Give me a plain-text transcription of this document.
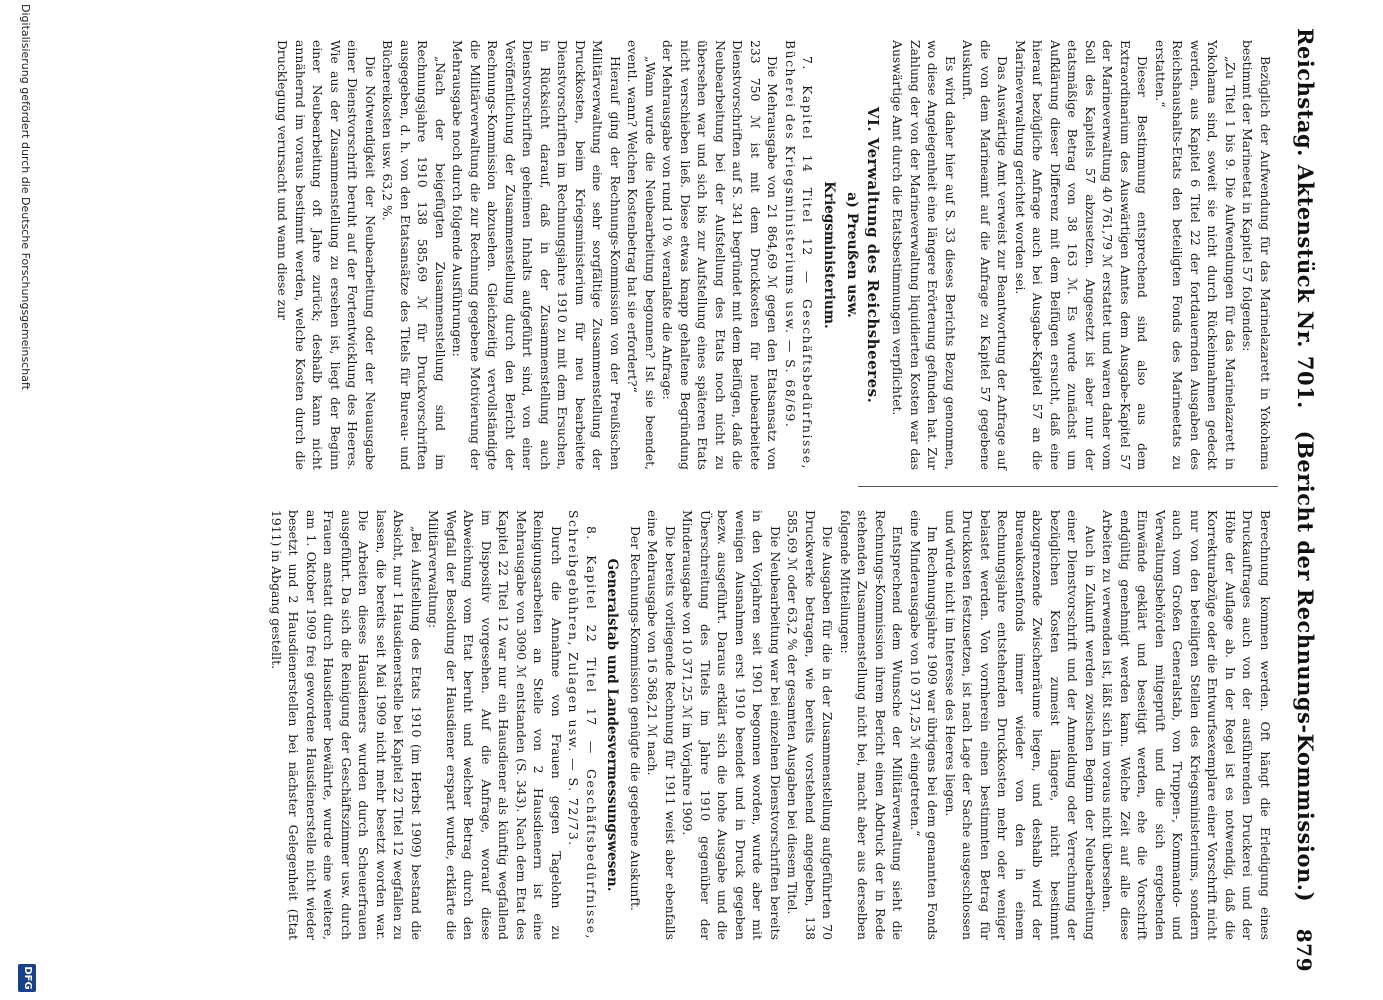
Reichstag. Aktenstück Nr. 701.
(Bericht der Rechnungs-Kommission.)
879

Bezüglich der Aufwendung für das Marinelazarett in Yokohama bestimmt der Marineetat in Kapitel 57 folgendes:

„Zu Titel 1 bis 9. Die Aufwendungen für das Marinelazarett in Yokohama sind, soweit sie nicht durch Rückeinnahmen gedeckt werden, aus Kapitel 6 Titel 22 der fortdauernden Ausgaben des Reichshaushalts-Etats den beteiligten Fonds des Marineetats zu erstatten.“

Dieser Bestimmung entsprechend sind also aus dem Extraordinarium des Auswärtigen Amtes dem Ausgabe-Kapitel 57 der Marineverwaltung 40 761,79 ℳ erstattet und waren daher vom Soll des Kapitels 57 abzusetzen. Angesetzt ist aber nur der etatsmäßige Betrag von 38 163 ℳ. Es wurde zunächst um Aufklärung dieser Differenz mit dem Beifügen ersucht, daß eine hierauf bezügliche Anfrage auch bei Ausgabe-Kapitel 57 an die Marineverwaltung gerichtet worden sei.

Das Auswärtige Amt verweist zur Beantwortung der Anfrage auf die von dem Marineamt auf die Anfrage zu Kapitel 57 gegebene Auskunft.

Es wird daher hier auf S. 33 dieses Berichts Bezug genommen, wo diese Angelegenheit eine längere Erörterung gefunden hat. Zur Zahlung der von der Marineverwaltung liquidierten Kosten war das Auswärtige Amt durch die Etatsbestimmungen verpflichtet.

VI. Verwaltung des Reichsheeres.
a) Preußen usw.
Kriegsministerium.

7. Kapitel 14 Titel 12 — Geschäftsbedürfnisse, Bücherei des Kriegsministeriums usw. — S. 68/69.

Die Mehrausgabe von 21 864,69 ℳ gegen den Etatsansatz von 233 750 ℳ ist mit dem Druckkosten für neubearbeitete Dienstvorschriften auf S. 341 begründet mit dem Beifügen, daß die Neubearbeitung bei der Aufstellung des Etats noch nicht zu übersehen war und sich bis zur Aufstellung eines späteren Etats nicht verschieben ließ. Diese etwas knapp gehaltene Begründung der Mehrausgabe von rund 10 % veranlaßte die Anfrage:

„Wann wurde die Neubearbeitung begonnen? Ist sie beendet, eventl. wann? Welchen Kostenbetrag hat sie erfordert?“

Hierauf ging der Rechnungs-Kommission von der Preußischen Militärverwaltung eine sehr sorgfältige Zusammenstellung der Druckkosten, beim Kriegsministerium für neu bearbeitete Dienstvorschriften im Rechnungsjahre 1910 zu mit dem Ersuchen, in Rücksicht darauf, daß in der Zusammenstellung auch Dienstvorschriften geheimen Inhalts aufgeführt sind, von einer Veröffentlichung der Zusammenstellung durch den Bericht der Rechnungs-Kommission abzusehen. Gleichzeitig vervollständigte die Militärverwaltung die zur Rechnung gegebene Motivierung der Mehrausgabe noch durch folgende Ausführungen:

„Nach der beigefügten Zusammenstellung sind im Rechnungsjahre 1910 138 585,69 ℳ für Druckvorschriften ausgegeben, d. h. von den Etatsansätze des Titels für Bureau- und Büchereikosten usw. 63,2 %.

Die Notwendigkeit der Neubearbeitung oder der Neuausgabe einer Dienstvorschrift beruht auf der Fortentwicklung des Heeres. Wie aus der Zusammenstellung zu ersehen ist, liegt der Beginn einer Neubearbeitung oft Jahre zurück; deshalb kann nicht annähernd im voraus bestimmt werden, welche Kosten durch die Drucklegung verursacht und wann diese zur

Berechnung kommen werden. Oft hängt die Erledigung eines Druckauftrages auch von der ausführenden Druckerei und der Höhe der Auflage ab. In der Regel ist es notwendig, daß die Korrekturabzüge oder die Entwurfsexemplare einer Vorschrift nicht nur von den beteiligten Stellen des Kriegsministeriums, sondern auch vom Großen Generalstab, von Truppen-, Kommando- und Verwaltungsbehörden mitgeprüft und die sich ergebenden Einwände geklärt und beseitigt werden, ehe die Vorschrift endgültig genehmigt werden kann. Welche Zeit auf alle diese Arbeiten zu verwenden ist, läßt sich im voraus nicht übersehen.

Auch in Zukunft werden zwischen Beginn der Neubearbeitung einer Dienstvorschrift und der Anmeldung oder Verrechnung der bezüglichen Kosten zumeist längere, nicht bestimmt abzugrenzende Zwischenräume liegen, und deshalb wird der Bureaukostenfonds immer wieder von den in einem Rechnungsjahre entstehenden Druckkosten mehr oder weniger belastet werden. Von vornherein einen bestimmten Betrag für Druckkosten festzusetzen, ist nach Lage der Sache ausgeschlossen und würde nicht im Interesse des Heeres liegen.

Im Rechnungsjahre 1909 war übrigens bei dem genannten Fonds eine Minderausgabe von 10 371,25 ℳ eingetreten.“

Entsprechend dem Wunsche der Militärverwaltung sieht die Rechnungs-Kommission ihrem Bericht einen Abdruck der in Rede stehenden Zusammenstellung nicht bei, macht aber aus derselben folgende Mitteilungen:

Die Ausgaben für die in der Zusammenstellung aufgeführten 70 Druckwerke betragen, wie bereits vorstehend angegeben, 138 585,69 ℳ oder 63,2 % der gesamten Ausgaben bei diesem Titel.

Die Neubearbeitung war bei einzelnen Dienstvorschriften bereits in den Vorjahren seit 1901 begonnen worden, wurde aber mit wenigen Ausnahmen erst 1910 beendet und in Druck gegeben bezw. ausgeführt. Daraus erklärt sich die hohe Ausgabe und die Überschreitung des Titels im Jahre 1910 gegenüber der Minderausgabe von 10 371,25 ℳ im Vorjahre 1909.

Die bereits vorliegende Rechnung für 1911 weist aber ebenfalls eine Mehrausgabe von 16 368,21 ℳ nach.

Der Rechnungs-Kommission genügte die gegebene Auskunft.

Generalstab und Landesvermessungswesen.

8. Kapitel 22 Titel 17 — Geschäftsbedürfnisse, Schreibgebühren, Zulagen usw. — S. 72/73.

Durch die Annahme von Frauen gegen Tagelohn zu Reinigungsarbeiten an Stelle von 2 Hausdienern ist eine Mehrausgabe von 3090 ℳ entstanden (S. 343). Nach dem Etat des Kapitel 22 Titel 12 war nur ein Hausdiener als künftig wegfallend im Dispositiv vorgesehen. Auf die Anfrage, worauf diese Abweichung vom Etat beruht und welcher Betrag durch den Wegfall der Besoldung der Hausdiener erspart wurde, erklärte die Militärverwaltung:

„Bei Aufstellung des Etats 1910 (im Herbst 1909) bestand die Absicht, nur 1 Hausdienerstelle bei Kapitel 22 Titel 12 wegfallen zu lassen, die bereits seit Mai 1909 nicht mehr besetzt worden war. Die Arbeiten dieses Hausdieners wurden durch Scheuerfrauen ausgeführt. Da sich die Reinigung der Geschäftszimmer usw. durch Frauen anstatt durch Hausdiener bewährte, wurde eine weitere, am 1. Oktober 1909 frei gewordene Hausdienerstelle nicht wieder besetzt und 2 Hausdienerstellen bei nächster Gelegenheit (Etat 1911) in Abgang gestellt.

Digitalisierung gefördert durch die Deutsche Forschungsgemeinschaft
DFG
